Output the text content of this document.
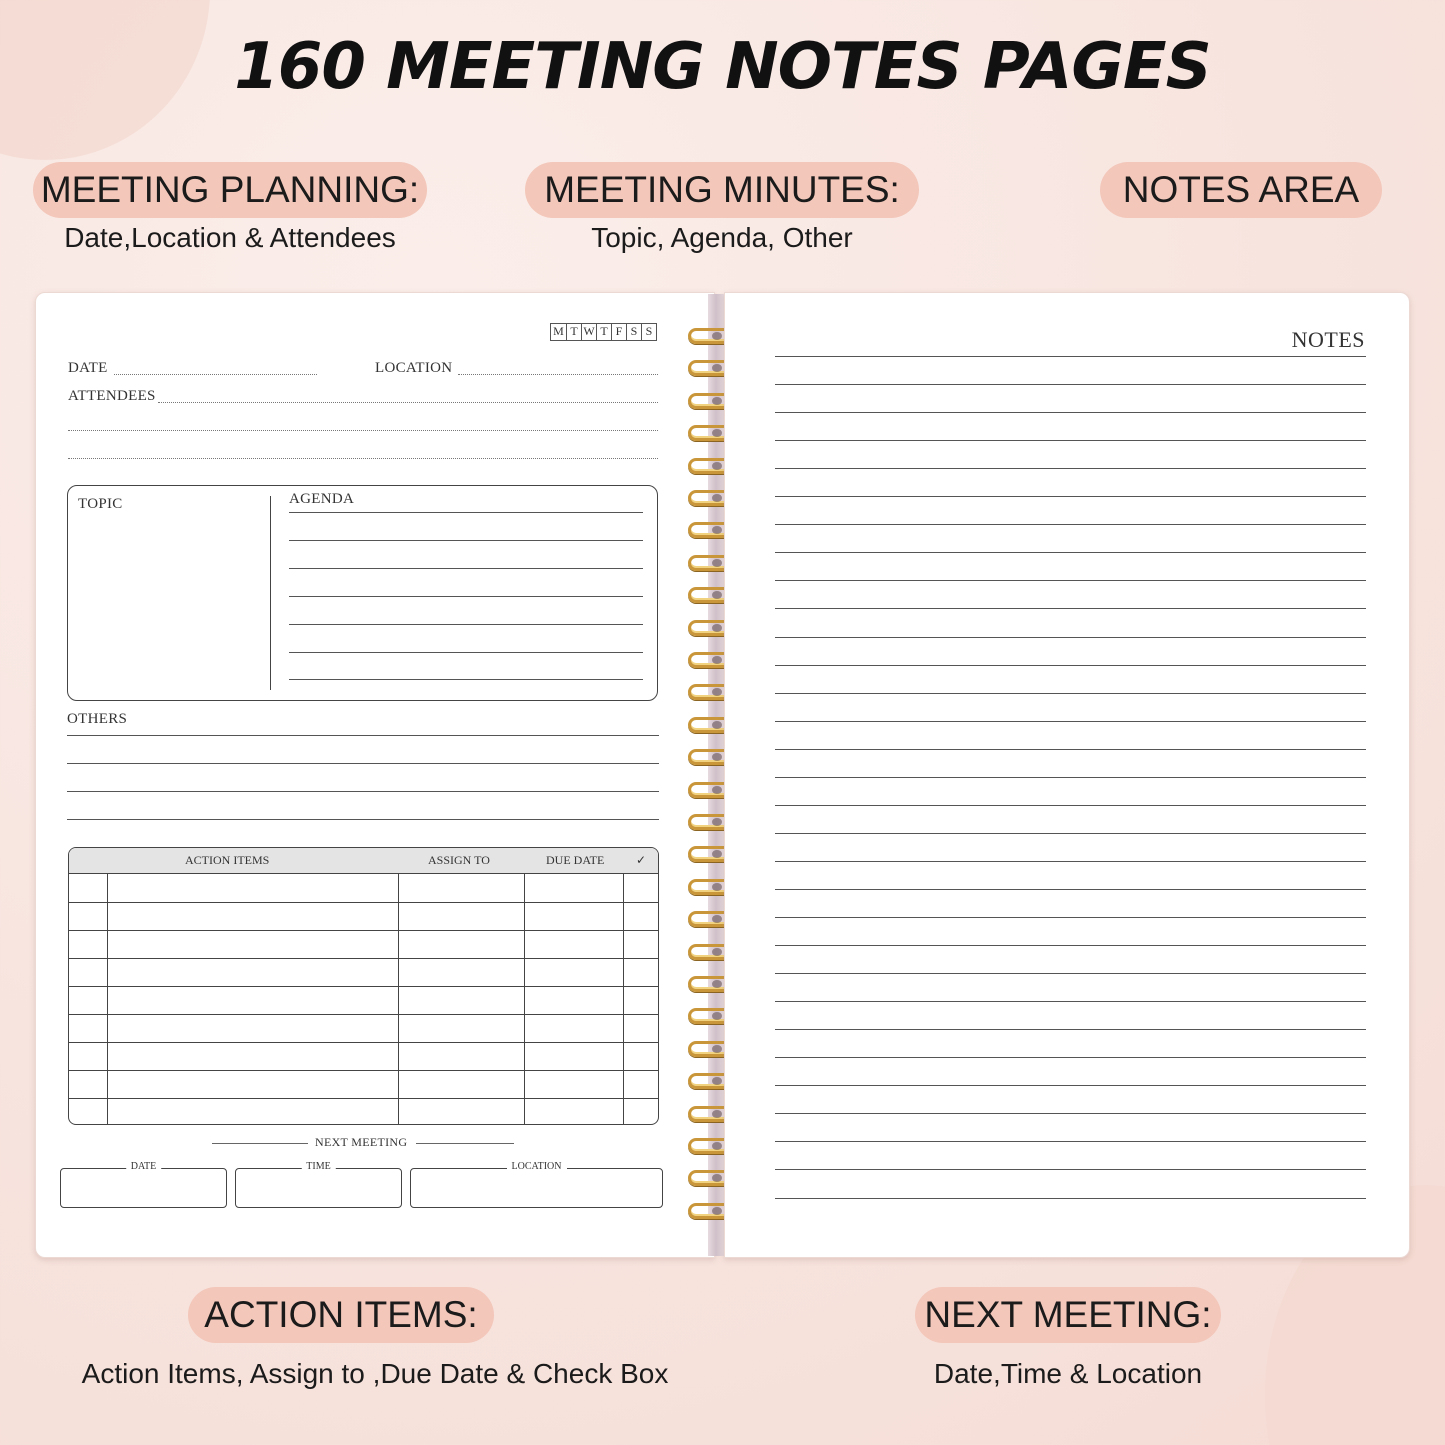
160 MEETING NOTES PAGES
MEETING PLANNING:
Date,Location & Attendees
MEETING MINUTES:
Topic, Agenda, Other
NOTES AREA
ACTION ITEMS:
Action Items, Assign to ,Due Date & Check Box
NEXT MEETING:
Date,Time & Location
M T W T F S S
DATE	LOCATION
ATTENDEES
TOPIC	AGENDA
OTHERS
ACTION ITEMS	ASSIGN TO	DUE DATE	✓
NEXT MEETING
DATE	TIME	LOCATION
NOTES
